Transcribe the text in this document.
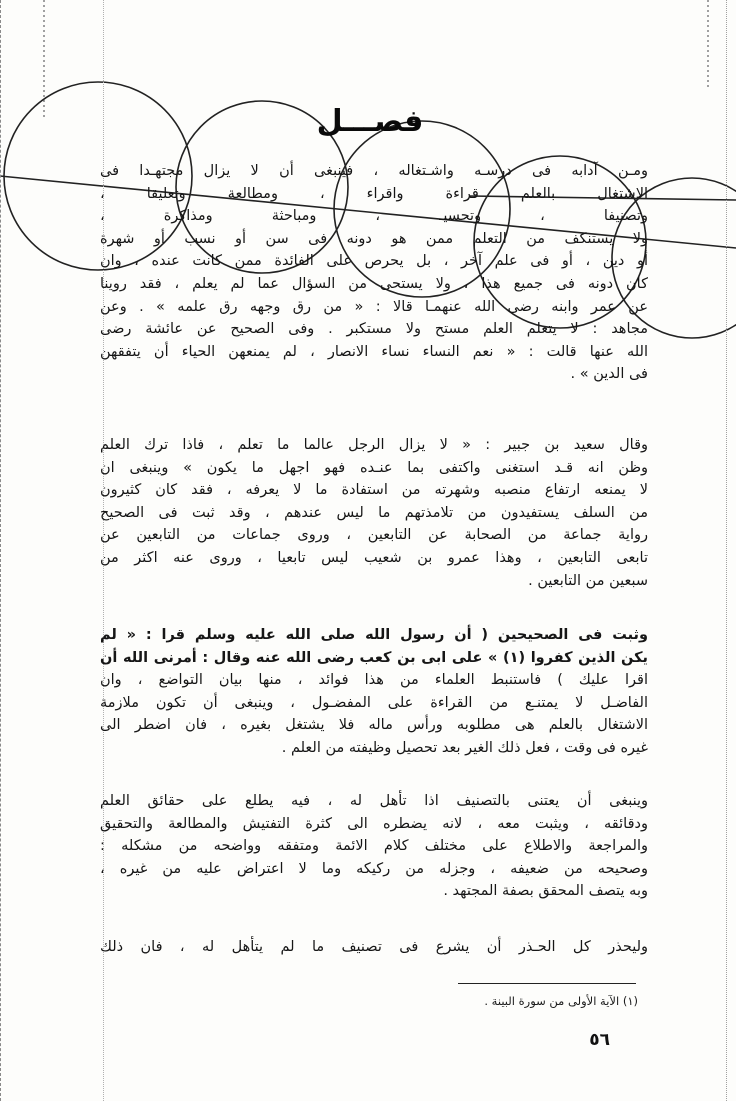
فصـــل
ومـن آدابه فى درسـه واشـتغاله ، فينبغى أن لا يزال مجتهـدا فى
الاشتغال بالعلم قراءة واقراء ، ومطالعة وتعليقا ،
وتصنيفا ، وتحسيـ ، ومباحثة ومذاكرة ،
ولا يستنكف من التعلم ممن هو دونه فى سن أو نسب أو شهرة
أو دين ، أو فى علم آخر ، بل يحرص على الفائدة ممن كانت عنده ، وان
كان دونه فى جميع هذا ، ولا يستحى من السؤال عما لم يعلم ، فقد روينا
عن عمر وابنه رضى الله عنهمـا قالا : « من رق وجهه رق علمه » . وعن
مجاهد : لا يتعلم العلم مستح ولا مستكبر . وفى الصحيح عن عائشة رضى
الله عنها قالت : « نعم النساء نساء الانصار ، لم يمنعهن الحياء أن يتفقهن
فى الدين » .
وقال سعيد بن جبير : « لا يزال الرجل عالما ما تعلم ، فاذا ترك العلم
وظن انه قـد استغنى واكتفى بما عنـده فهو اجهل ما يكون » وينبغى ان
لا يمنعه ارتفاع منصبه وشهرته من استفادة ما لا يعرفه ، فقد كان كثيرون
من السلف يستفيدون من تلامذتهم ما ليس عندهم ، وقد ثبت فى الصحيح
رواية جماعة من الصحابة عن التابعين ، وروى جماعات من التابعين عن
تابعى التابعين ، وهذا عمرو بن شعيب ليس تابعيا ، وروى عنه اكثر من
سبعين من التابعين .
وثبت فى الصحيحين ( أن رسول الله صلى الله عليه وسلم قرا : « لم
يكن الذين كفروا (١) » على ابى بن كعب رضى الله عنه وقال : أمرنى الله أن
اقرا عليك ) فاستنبط العلماء من هذا فوائد ، منها بيان التواضع ، وان
الفاضـل لا يمتنـع من القراءة على المفضـول ، وينبغى أن تكون ملازمة
الاشتغال بالعلم هى مطلوبه ورأس ماله فلا يشتغل بغيره ، فان اضطر الى
غيره فى وقت ، فعل ذلك الغير بعد تحصيل وظيفته من العلم .
وينبغى أن يعتنى بالتصنيف اذا تأهل له ، فيه يطلع على حقائق العلم
ودقائقه ، ويثبت معه ، لانه يضطره الى كثرة التفتيش والمطالعة والتحقيق
والمراجعة والاطلاع على مختلف كلام الائمة ومتفقه وواضحه من مشكله :
وصحيحه من ضعيفه ، وجزله من ركيكه وما لا اعتراض عليه من غيره ،
وبه يتصف المحقق بصفة المجتهد .
وليحذر كل الحـذر أن يشرع فى تصنيف ما لم يتأهل له ، فان ذلك
(١) الآية الأولى من سورة البينة .
٥٦
